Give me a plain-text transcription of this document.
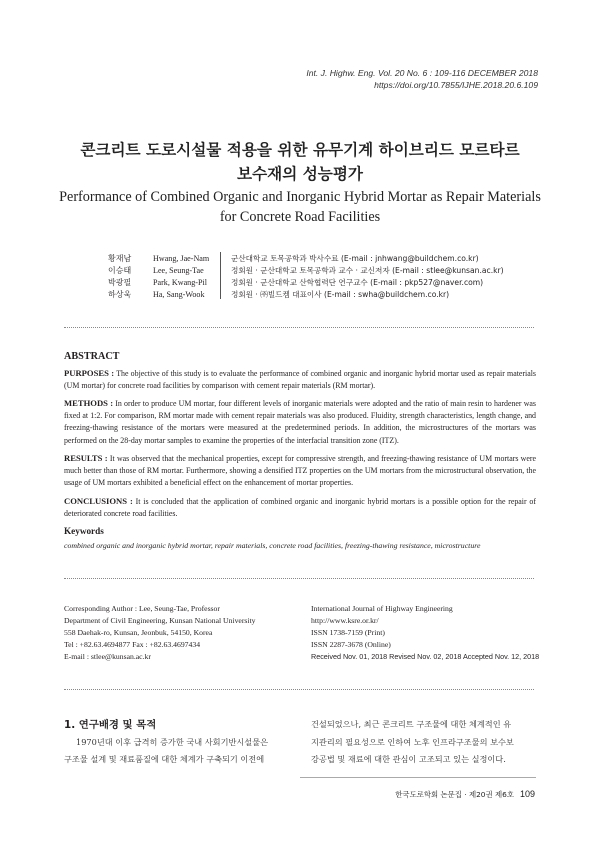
Int. J. Highw. Eng. Vol. 20 No. 6 : 109-116 DECEMBER 2018
https://doi.org/10.7855/IJHE.2018.20.6.109
콘크리트 도로시설물 적용을 위한 유무기계 하이브리드 모르타르
보수재의 성능평가
Performance of Combined Organic and Inorganic Hybrid Mortar as Repair Materials
for Concrete Road Facilities
황재남	Hwang, Jae-Nam	군산대학교 토목공학과 박사수료 (E-mail : jnhwang@buildchem.co.kr)
이승태	Lee, Seung-Tae	정회원 · 군산대학교 토목공학과 교수 · 교신저자 (E-mail : stlee@kunsan.ac.kr)
박광필	Park, Kwang-Pil	정회원 · 군산대학교 산학협력단 연구교수 (E-mail : pkp527@naver.com)
하상욱	Ha, Sang-Wook	정회원 · ㈜빌드켐 대표이사 (E-mail : swha@buildchem.co.kr)
ABSTRACT
PURPOSES : The objective of this study is to evaluate the performance of combined organic and inorganic hybrid mortar used as repair materials (UM mortar) for concrete road facilities by comparison with cement repair materials (RM mortar).
METHODS : In order to produce UM mortar, four different levels of inorganic materials were adopted and the ratio of main resin to hardener was fixed at 1:2. For comparison, RM mortar made with cement repair materials was also produced. Fluidity, strength characteristics, length change, and freezing-thawing resistance of the mortars were measured at the predetermined periods. In addition, the microstructures of the mortars was performed on the 28-day mortar samples to examine the properties of the interfacial transition zone (ITZ).
RESULTS : It was observed that the mechanical properties, except for compressive strength, and freezing-thawing resistance of UM mortars were much better than those of RM mortar. Furthermore, showing a densified ITZ properties on the UM mortars from the microstructural observation, the usage of UM mortars exhibited a beneficial effect on the enhancement of mortar properties.
CONCLUSIONS : It is concluded that the application of combined organic and inorganic hybrid mortars is a possible option for the repair of deteriorated concrete road facilities.
Keywords
combined organic and inorganic hybrid mortar, repair materials, concrete road facilities, freezing-thawing resistance, microstructure
Corresponding Author : Lee, Seung-Tae, Professor
Department of Civil Engineering, Kunsan National University
558 Daehak-ro, Kunsan, Jeonbuk, 54150, Korea
Tel : +82.63.4694877 Fax : +82.63.4697434
E-mail : stlee@kunsan.ac.kr
International Journal of Highway Engineering
http://www.ksre.or.kr/
ISSN 1738-7159 (Print)
ISSN 2287-3678 (Online)
Received Nov. 01, 2018 Revised Nov. 02, 2018 Accepted Nov. 12, 2018
1. 연구배경 및 목적
1970년대 이후 급격히 증가한 국내 사회기반시설물은
구조물 설계 및 재료품질에 대한 체계가 구축되기 이전에
건설되었으나, 최근 콘크리트 구조물에 대한 체계적인 유
지관리의 필요성으로 인하여 노후 인프라구조물의 보수보
강공법 및 재료에 대한 관심이 고조되고 있는 실정이다.
한국도로학회 논문집 · 제20권 제6호 109
